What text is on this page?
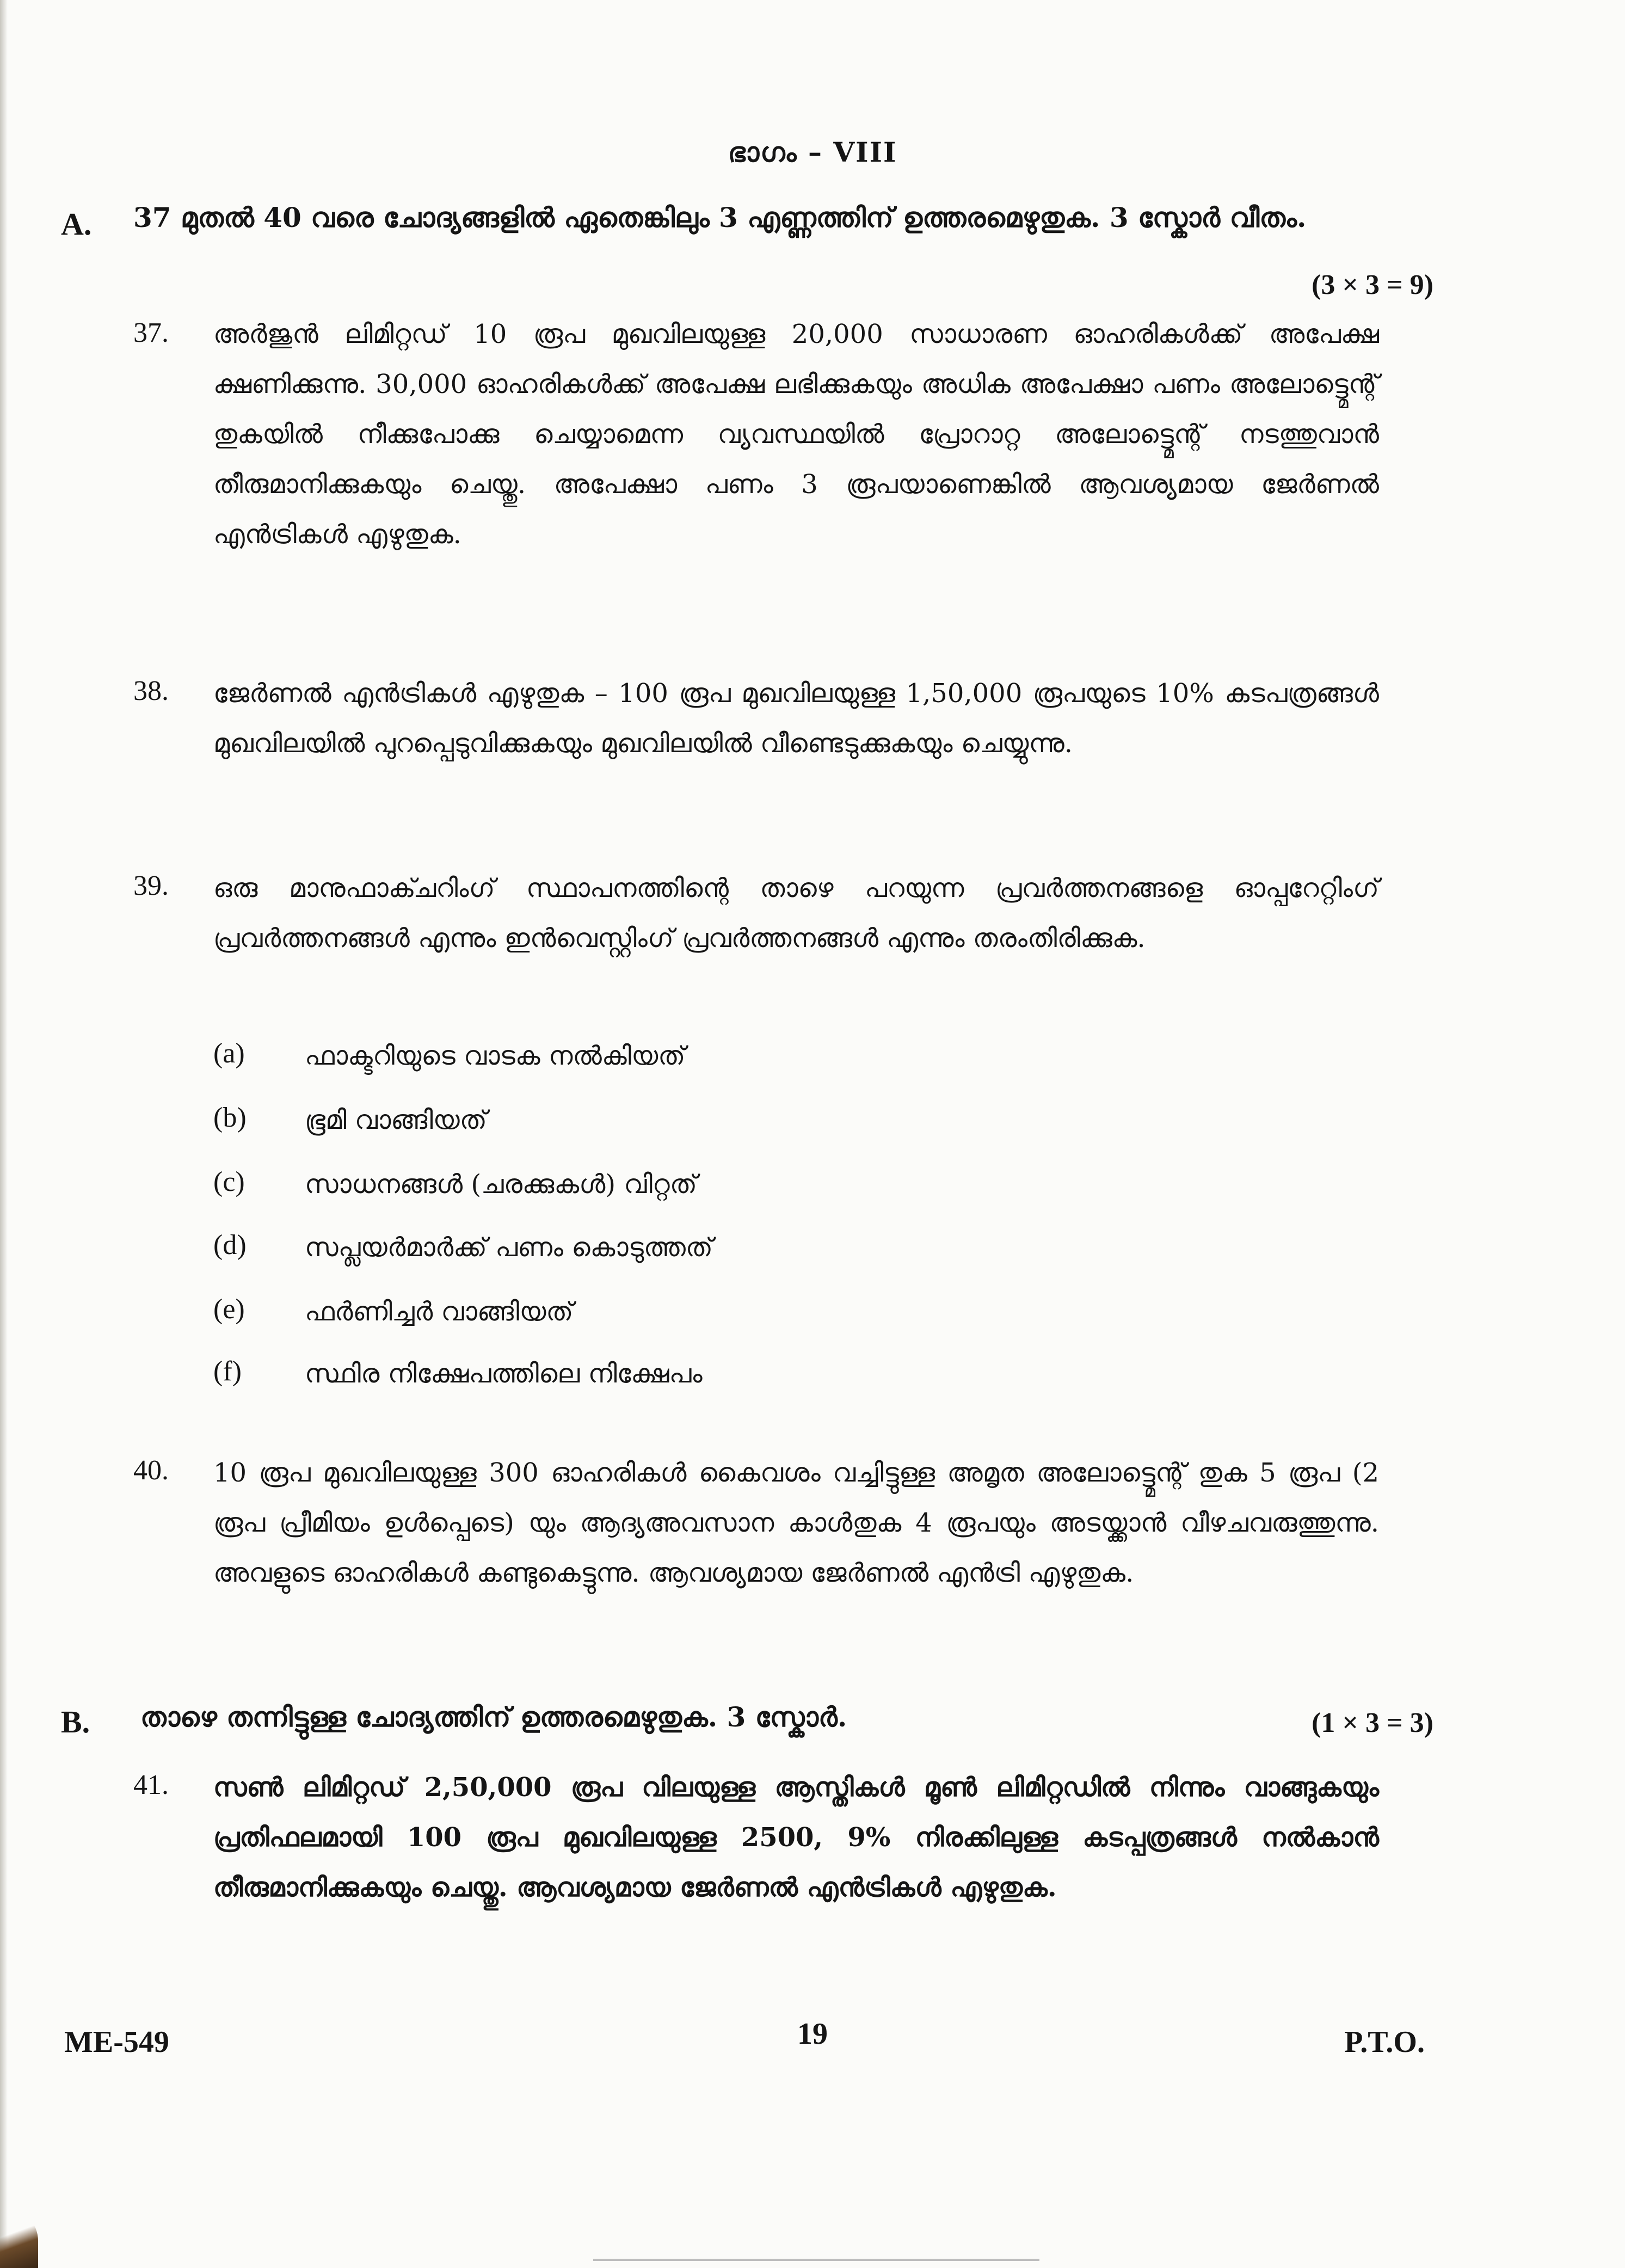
ഭാഗം – VIII
A. 37 മുതൽ 40 വരെ ചോദ്യങ്ങളിൽ ഏതെങ്കിലും 3 എണ്ണത്തിന് ഉത്തരമെഴുതുക. 3 സ്കോർ വീതം.
(3 × 3 = 9)
37. അർജുൻ ലിമിറ്റഡ് 10 രൂപ മുഖവിലയുള്ള 20,000 സാധാരണ ഓഹരികൾക്ക് അപേക്ഷ ക്ഷണിക്കുന്നു. 30,000 ഓഹരികൾക്ക് അപേക്ഷ ലഭിക്കുകയും അധിക അപേക്ഷാ പണം അലോട്ട്മെന്റ് തുകയിൽ നീക്കുപോക്കു ചെയ്യാമെന്ന വ്യവസ്ഥയിൽ പ്രോറാറ്റ അലോട്ട്മെന്റ് നടത്തുവാൻ തീരുമാനിക്കുകയും ചെയ്തു. അപേക്ഷാ പണം 3 രൂപയാണെങ്കിൽ ആവശ്യമായ ജേർണൽ എൻട്രികൾ എഴുതുക.
38. ജേർണൽ എൻട്രികൾ എഴുതുക – 100 രൂപ മുഖവിലയുള്ള 1,50,000 രൂപയുടെ 10% കടപത്രങ്ങൾ മുഖവിലയിൽ പുറപ്പെടുവിക്കുകയും മുഖവിലയിൽ വീണ്ടെടുക്കുകയും ചെയ്യുന്നു.
39. ഒരു മാനുഫാക്ചറിംഗ് സ്ഥാപനത്തിന്റെ താഴെ പറയുന്ന പ്രവർത്തനങ്ങളെ ഓപ്പറേറ്റിംഗ് പ്രവർത്തനങ്ങൾ എന്നും ഇൻവെസ്റ്റിംഗ് പ്രവർത്തനങ്ങൾ എന്നും തരംതിരിക്കുക.
(a) ഫാക്ടറിയുടെ വാടക നൽകിയത്
(b) ഭൂമി വാങ്ങിയത്
(c) സാധനങ്ങൾ (ചരക്കുകൾ) വിറ്റത്
(d) സപ്ലയർമാർക്ക് പണം കൊടുത്തത്
(e) ഫർണിച്ചർ വാങ്ങിയത്
(f) സ്ഥിര നിക്ഷേപത്തിലെ നിക്ഷേപം
40. 10 രൂപ മുഖവിലയുള്ള 300 ഓഹരികൾ കൈവശം വച്ചിട്ടുള്ള അമൃത അലോട്ട്മെന്റ് തുക 5 രൂപ (2 രൂപ പ്രീമിയം ഉൾപ്പെടെ) യും ആദ്യഅവസാന കാൾതുക 4 രൂപയും അടയ്ക്കാൻ വീഴചവരുത്തുന്നു. അവളുടെ ഓഹരികൾ കണ്ടുകെട്ടുന്നു. ആവശ്യമായ ജേർണൽ എൻട്രി എഴുതുക.
B. താഴെ തന്നിട്ടുള്ള ചോദ്യത്തിന് ഉത്തരമെഴുതുക. 3 സ്കോർ.	(1 × 3 = 3)
41. സൺ ലിമിറ്റഡ് 2,50,000 രൂപ വിലയുള്ള ആസ്തികൾ മൂൺ ലിമിറ്റഡിൽ നിന്നും വാങ്ങുകയും പ്രതിഫലമായി 100 രൂപ മുഖവിലയുള്ള 2500, 9% നിരക്കിലുള്ള കടപ്പത്രങ്ങൾ നൽകാൻ തീരുമാനിക്കുകയും ചെയ്തു. ആവശ്യമായ ജേർണൽ എൻട്രികൾ എഴുതുക.
ME-549	19	P.T.O.
